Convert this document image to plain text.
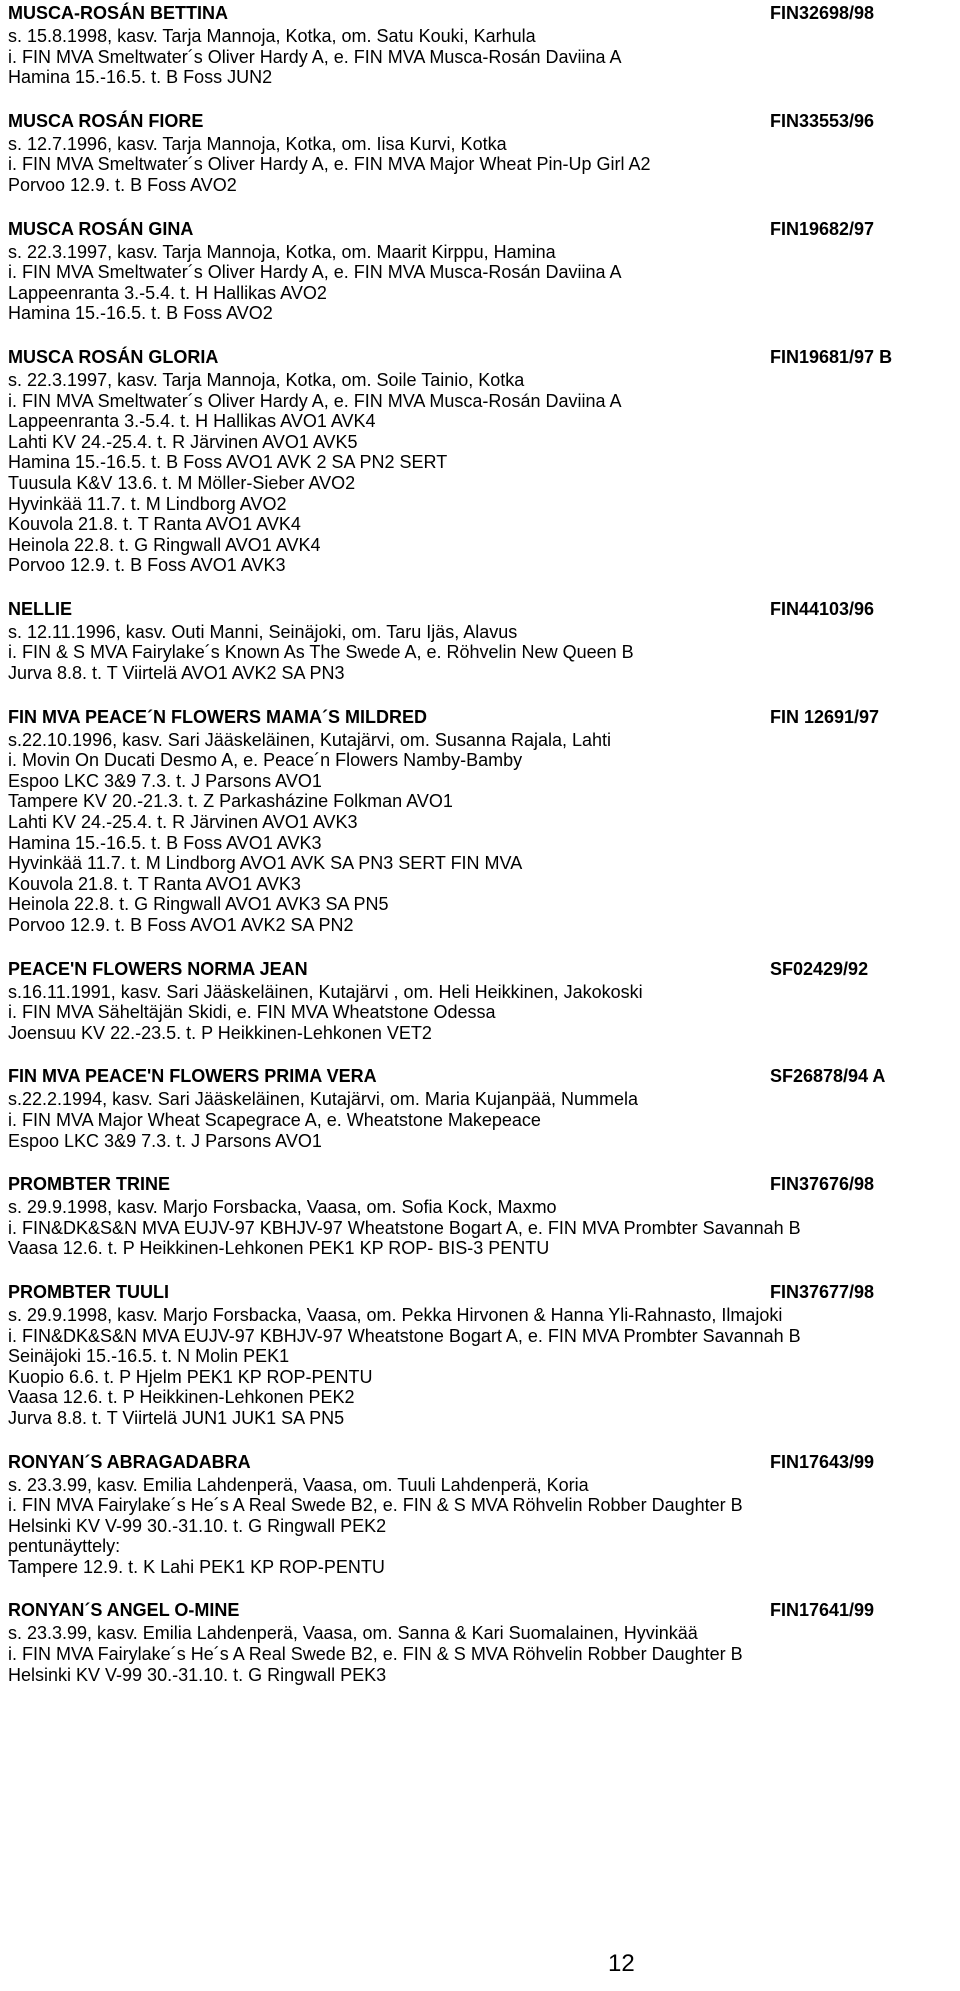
MUSCA-ROSÁN BETTINA	FIN32698/98
s. 15.8.1998, kasv. Tarja Mannoja, Kotka, om. Satu Kouki, Karhula
i. FIN MVA Smeltwater´s Oliver Hardy A, e. FIN MVA Musca-Rosán Daviina A
Hamina 15.-16.5. t. B Foss JUN2
MUSCA ROSÁN FIORE	FIN33553/96
s. 12.7.1996, kasv. Tarja Mannoja, Kotka, om. Iisa Kurvi, Kotka
i. FIN MVA Smeltwater´s Oliver Hardy A, e. FIN MVA Major Wheat Pin-Up Girl A2
Porvoo 12.9. t. B Foss AVO2
MUSCA ROSÁN GINA	FIN19682/97
s. 22.3.1997, kasv. Tarja Mannoja, Kotka, om. Maarit Kirppu, Hamina
i. FIN MVA Smeltwater´s Oliver Hardy A, e. FIN MVA Musca-Rosán Daviina A
Lappeenranta 3.-5.4. t. H Hallikas AVO2
Hamina 15.-16.5. t. B Foss AVO2
MUSCA ROSÁN GLORIA	FIN19681/97 B
s. 22.3.1997, kasv. Tarja Mannoja, Kotka, om. Soile Tainio, Kotka
i. FIN MVA Smeltwater´s Oliver Hardy A, e. FIN MVA Musca-Rosán Daviina A
Lappeenranta 3.-5.4. t. H Hallikas AVO1 AVK4
Lahti KV 24.-25.4. t. R Järvinen AVO1 AVK5
Hamina 15.-16.5. t. B Foss AVO1 AVK 2 SA PN2 SERT
Tuusula K&V 13.6. t. M Möller-Sieber AVO2
Hyvinkää 11.7. t. M Lindborg AVO2
Kouvola 21.8. t. T Ranta AVO1 AVK4
Heinola 22.8. t. G Ringwall AVO1 AVK4
Porvoo 12.9. t. B Foss AVO1 AVK3
NELLIE	FIN44103/96
s. 12.11.1996, kasv. Outi Manni, Seinäjoki, om. Taru Ijäs, Alavus
i. FIN & S MVA Fairylake´s Known As The Swede A, e. Röhvelin New Queen B
Jurva 8.8. t. T Viirtelä AVO1 AVK2 SA PN3
FIN MVA PEACE´N FLOWERS MAMA´S MILDRED	FIN 12691/97
s.22.10.1996, kasv. Sari Jääskeläinen, Kutajärvi, om. Susanna Rajala, Lahti
i. Movin On Ducati Desmo A, e. Peace´n Flowers Namby-Bamby
Espoo LKC 3&9 7.3. t. J Parsons AVO1
Tampere KV 20.-21.3. t. Z Parkasházine Folkman AVO1
Lahti KV 24.-25.4. t. R Järvinen AVO1 AVK3
Hamina 15.-16.5. t. B Foss AVO1 AVK3
Hyvinkää 11.7. t. M Lindborg AVO1 AVK SA PN3 SERT FIN MVA
Kouvola 21.8. t. T Ranta AVO1 AVK3
Heinola 22.8. t. G Ringwall AVO1 AVK3 SA PN5
Porvoo 12.9. t. B Foss AVO1 AVK2 SA PN2
PEACE'N FLOWERS NORMA JEAN	SF02429/92
s.16.11.1991, kasv. Sari Jääskeläinen, Kutajärvi , om. Heli Heikkinen, Jakokoski
i. FIN MVA Säheltäjän Skidi, e. FIN MVA Wheatstone Odessa
Joensuu KV 22.-23.5. t. P Heikkinen-Lehkonen VET2
FIN MVA PEACE'N FLOWERS PRIMA VERA	SF26878/94 A
s.22.2.1994, kasv. Sari Jääskeläinen, Kutajärvi, om. Maria Kujanpää, Nummela
i. FIN MVA Major Wheat Scapegrace A, e. Wheatstone Makepeace
Espoo LKC 3&9 7.3. t. J Parsons AVO1
PROMBTER TRINE	FIN37676/98
s. 29.9.1998, kasv. Marjo Forsbacka, Vaasa, om. Sofia Kock, Maxmo
i. FIN&DK&S&N MVA EUJV-97 KBHJV-97 Wheatstone Bogart A, e. FIN MVA Prombter Savannah B
Vaasa 12.6. t. P Heikkinen-Lehkonen PEK1 KP ROP- BIS-3 PENTU
PROMBTER TUULI	FIN37677/98
s. 29.9.1998, kasv. Marjo Forsbacka, Vaasa, om. Pekka Hirvonen & Hanna Yli-Rahnasto, Ilmajoki
i. FIN&DK&S&N MVA EUJV-97 KBHJV-97 Wheatstone Bogart A, e. FIN MVA Prombter Savannah B
Seinäjoki 15.-16.5. t. N Molin PEK1
Kuopio 6.6. t. P Hjelm PEK1 KP ROP-PENTU
Vaasa 12.6. t. P Heikkinen-Lehkonen PEK2
Jurva 8.8. t. T Viirtelä JUN1 JUK1 SA PN5
RONYAN´S ABRAGADABRA	FIN17643/99
s. 23.3.99, kasv. Emilia Lahdenperä, Vaasa, om. Tuuli Lahdenperä, Koria
i. FIN MVA Fairylake´s He´s A Real Swede B2, e. FIN & S MVA Röhvelin Robber Daughter B
Helsinki KV V-99 30.-31.10. t. G Ringwall PEK2
pentunäyttely:
Tampere 12.9. t. K Lahi PEK1 KP ROP-PENTU
RONYAN´S ANGEL O-MINE	FIN17641/99
s. 23.3.99, kasv. Emilia Lahdenperä, Vaasa, om. Sanna & Kari Suomalainen, Hyvinkää
i. FIN MVA Fairylake´s He´s A Real Swede B2, e. FIN & S MVA Röhvelin Robber Daughter B
Helsinki KV V-99 30.-31.10. t. G Ringwall PEK3
12
